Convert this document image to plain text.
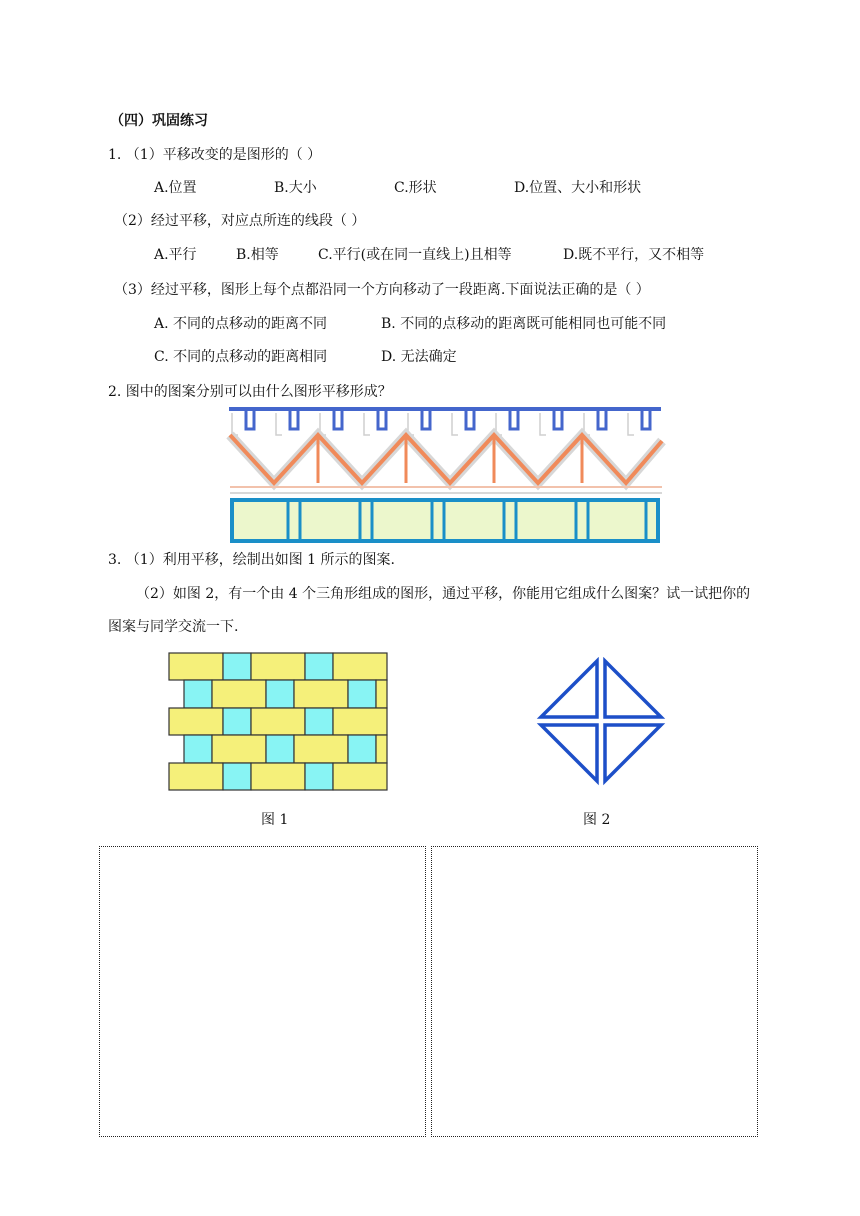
（四）巩固练习
1. （1）平移改变的是图形的（ ）
A.位置	B.大小	C.形状	D.位置、大小和形状
（2）经过平移，对应点所连的线段（ ）
A.平行	B.相等	C.平行(或在同一直线上)且相等	D.既不平行，又不相等
（3）经过平移，图形上每个点都沿同一个方向移动了一段距离.下面说法正确的是（ ）
A. 不同的点移动的距离不同	B. 不同的点移动的距离既可能相同也可能不同
C. 不同的点移动的距离相同	D. 无法确定
2. 图中的图案分别可以由什么图形平移形成？
3. （1）利用平移，绘制出如图 1 所示的图案.
（2）如图 2，有一个由 4 个三角形组成的图形，通过平移，你能用它组成什么图案？试一试把你的
图案与同学交流一下.
图 1	图 2
